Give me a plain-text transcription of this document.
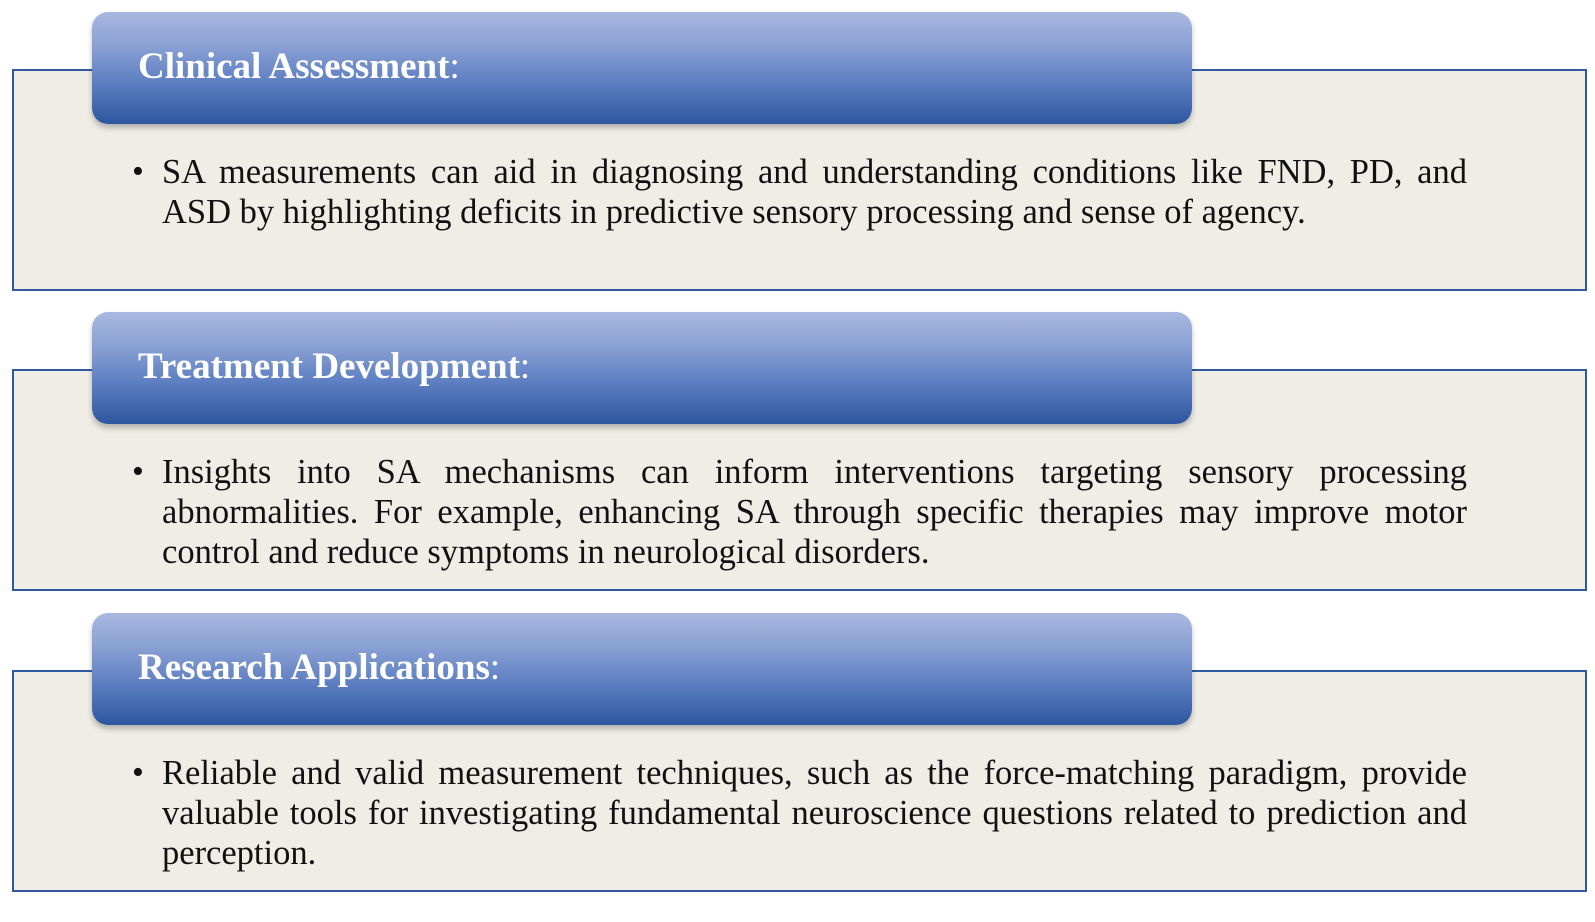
Clinical Assessment:
• SA measurements can aid in diagnosing and understanding conditions like FND, PD, and ASD by highlighting deficits in predictive sensory processing and sense of agency.
Treatment Development:
• Insights into SA mechanisms can inform interventions targeting sensory processing abnormalities. For example, enhancing SA through specific therapies may improve motor control and reduce symptoms in neurological disorders.
Research Applications:
• Reliable and valid measurement techniques, such as the force-matching paradigm, provide valuable tools for investigating fundamental neuroscience questions related to prediction and perception.
